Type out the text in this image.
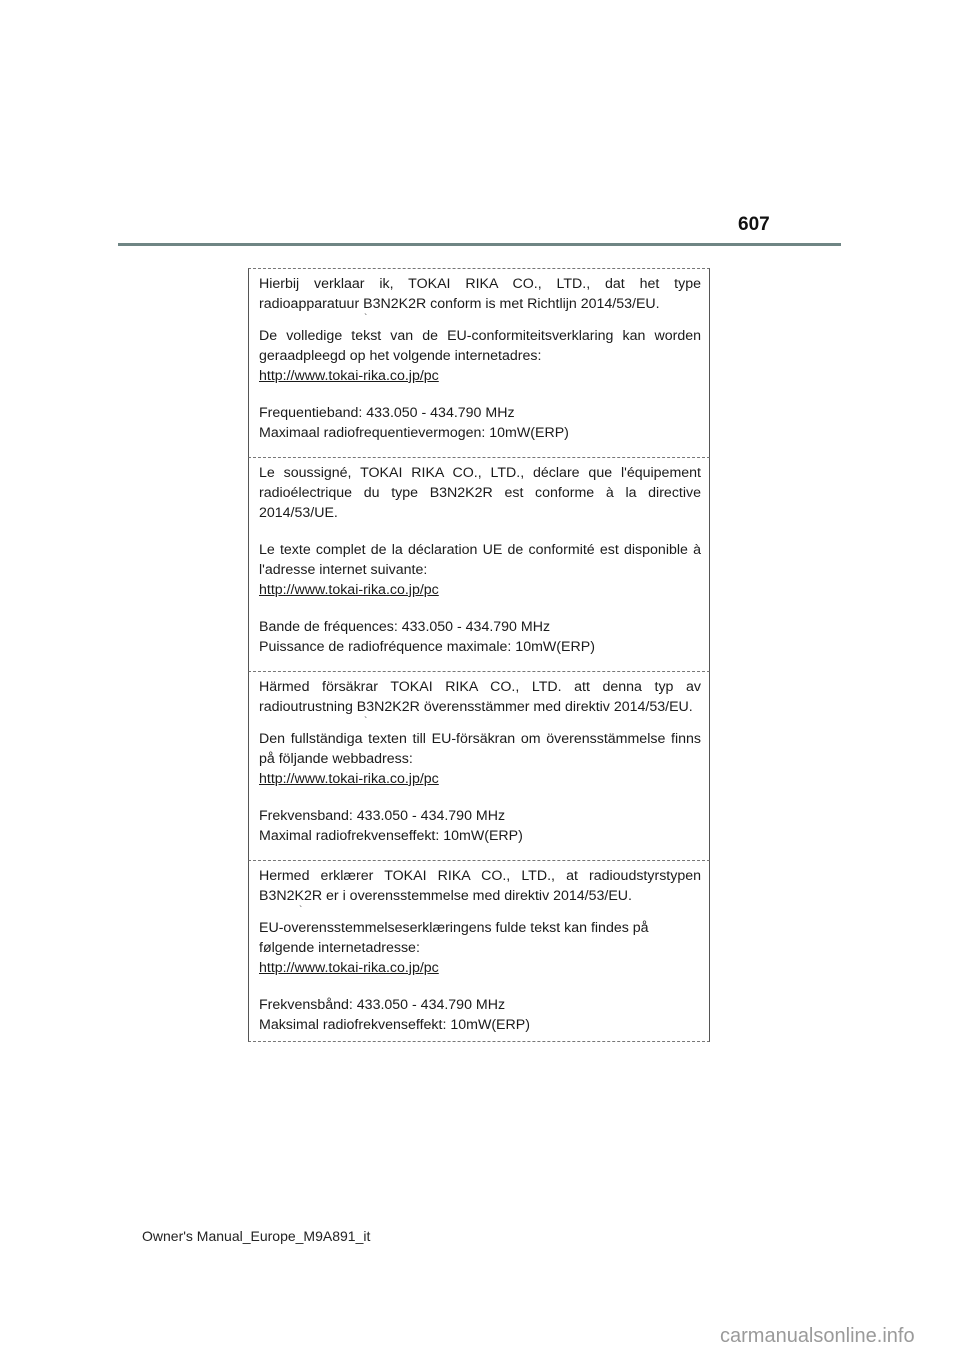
607

Hierbij verklaar ik, TOKAI RIKA CO., LTD., dat het type radioapparatuur B3N2K2R conform is met Richtlijn 2014/53/EU.

`

De volledige tekst van de EU-conformiteitsverklaring kan worden geraadpleegd op het volgende internetadres:

http://www.tokai-rika.co.jp/pc

Frequentieband: 433.050 - 434.790 MHz

Maximaal radiofrequentievermogen: 10mW(ERP)

Le soussigné, TOKAI RIKA CO., LTD., déclare que l'équipement radioélectrique du type B3N2K2R est conforme à la directive 2014/53/UE.

Le texte complet de la déclaration UE de conformité est disponible à l'adresse internet suivante:

http://www.tokai-rika.co.jp/pc

Bande de fréquences: 433.050 - 434.790 MHz

Puissance de radiofréquence maximale: 10mW(ERP)

Härmed försäkrar TOKAI RIKA CO., LTD. att denna typ av radioutrustning B3N2K2R överensstämmer med direktiv 2014/53/EU.

`

Den fullständiga texten till EU-försäkran om överensstämmelse finns på följande webbadress:

http://www.tokai-rika.co.jp/pc

Frekvensband: 433.050 - 434.790 MHz

Maximal radiofrekvenseffekt: 10mW(ERP)

Hermed erklærer TOKAI RIKA CO., LTD., at radioudstyrstypen B3N2K2R er i overensstemmelse med direktiv 2014/53/EU.

`

EU-overensstemmelseserklæringens fulde tekst kan findes på følgende internetadresse:

http://www.tokai-rika.co.jp/pc

Frekvensbånd: 433.050 - 434.790 MHz

Maksimal radiofrekvenseffekt: 10mW(ERP)

Owner's Manual_Europe_M9A891_it
carmanualsonline.info
